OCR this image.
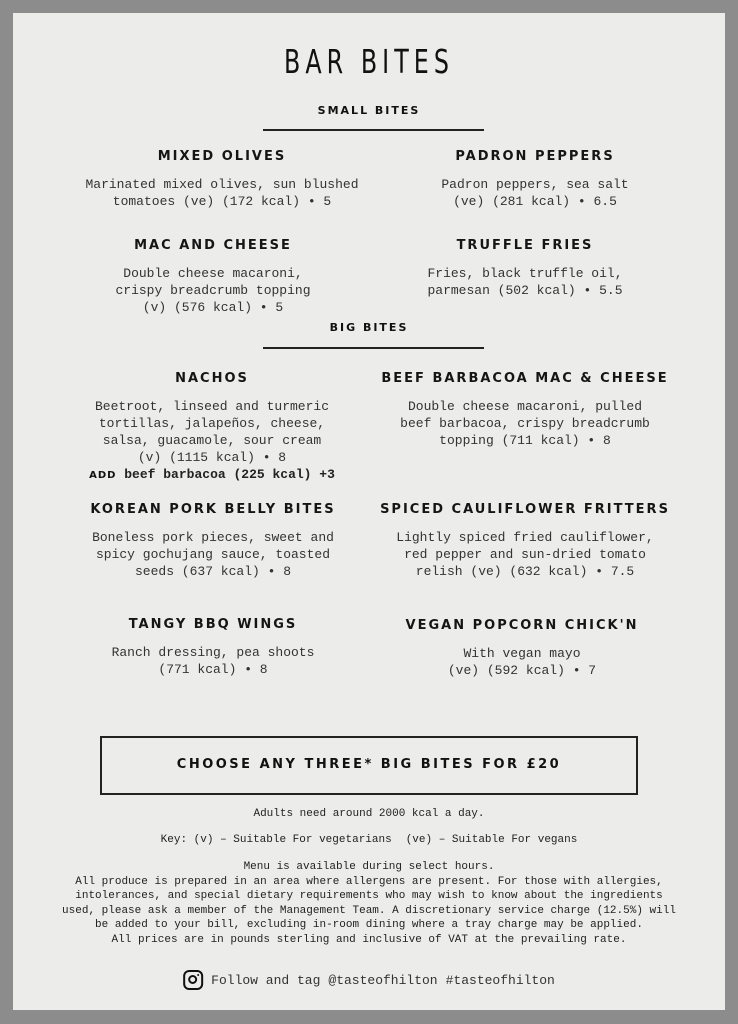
BAR BITES
SMALL BITES
MIXED OLIVES
Marinated mixed olives, sun blushed
tomatoes (ve) (172 kcal) • 5
PADRON PEPPERS
Padron peppers, sea salt
(ve) (281 kcal) • 6.5
MAC AND CHEESE
Double cheese macaroni,
crispy breadcrumb topping
(v) (576 kcal) • 5
TRUFFLE FRIES
Fries, black truffle oil,
parmesan (502 kcal) • 5.5
BIG BITES
NACHOS
Beetroot, linseed and turmeric
tortillas, jalapeños, cheese,
salsa, guacamole, sour cream
(v) (1115 kcal) • 8
ADD beef barbacoa (225 kcal) +3
BEEF BARBACOA MAC & CHEESE
Double cheese macaroni, pulled
beef barbacoa, crispy breadcrumb
topping (711 kcal) • 8
KOREAN PORK BELLY BITES
Boneless pork pieces, sweet and
spicy gochujang sauce, toasted
seeds (637 kcal) • 8
SPICED CAULIFLOWER FRITTERS
Lightly spiced fried cauliflower,
red pepper and sun-dried tomato
relish (ve) (632 kcal) • 7.5
TANGY BBQ WINGS
Ranch dressing, pea shoots
(771 kcal) • 8
VEGAN POPCORN CHICK'N
With vegan mayo
(ve) (592 kcal) • 7
CHOOSE ANY THREE* BIG BITES FOR £20
Adults need around 2000 kcal a day.
Key: (v) – Suitable For vegetarians (ve) – Suitable For vegans
Menu is available during select hours.
All produce is prepared in an area where allergens are present. For those with allergies,
intolerances, and special dietary requirements who may wish to know about the ingredients
used, please ask a member of the Management Team. A discretionary service charge (12.5%) will
be added to your bill, excluding in-room dining where a tray charge may be applied.
All prices are in pounds sterling and inclusive of VAT at the prevailing rate.
Follow and tag @tasteofhilton #tasteofhilton
